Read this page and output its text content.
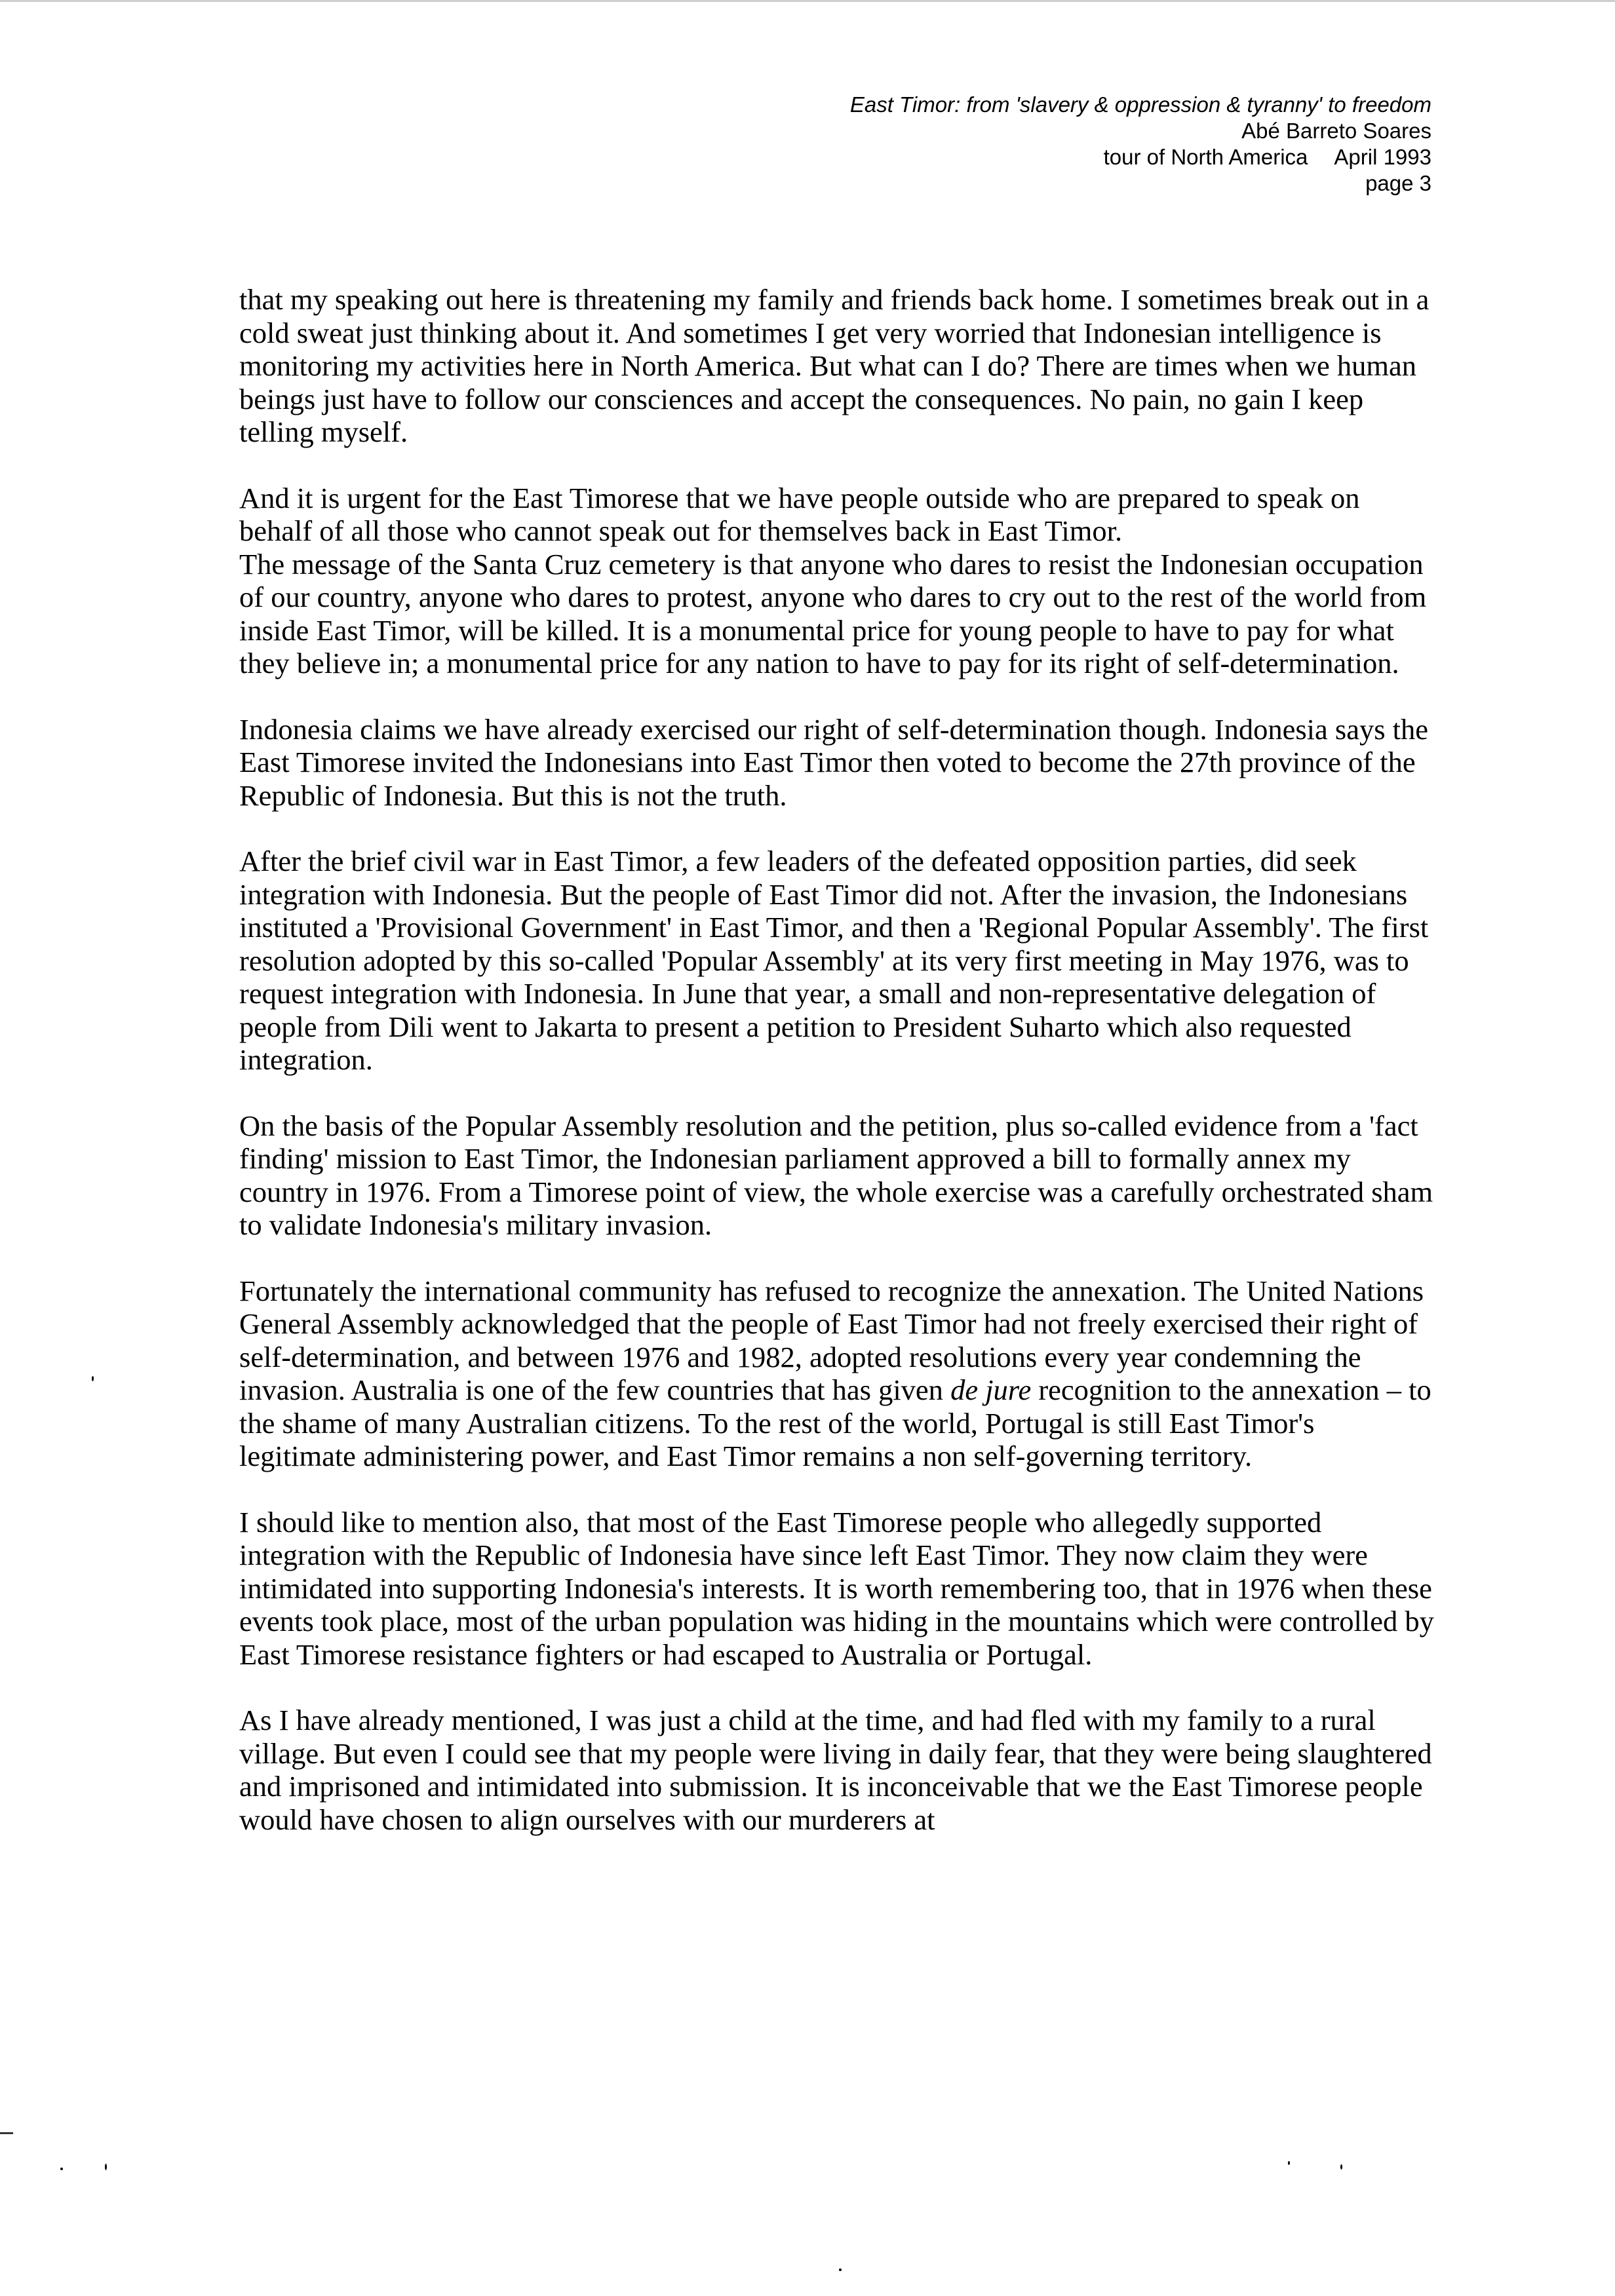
East Timor: from 'slavery & oppression & tyranny' to freedom
Abé Barreto Soares
tour of North America April 1993
page 3

that my speaking out here is threatening my family and friends back home. I sometimes break out in a cold sweat just thinking about it. And sometimes I get very worried that Indonesian intelligence is monitoring my activities here in North America. But what can I do? There are times when we human beings just have to follow our consciences and accept the consequences. No pain, no gain I keep telling myself.

And it is urgent for the East Timorese that we have people outside who are prepared to speak on behalf of all those who cannot speak out for themselves back in East Timor.

The message of the Santa Cruz cemetery is that anyone who dares to resist the Indonesian occupation of our country, anyone who dares to protest, anyone who dares to cry out to the rest of the world from inside East Timor, will be killed. It is a monumental price for young people to have to pay for what they believe in; a monumental price for any nation to have to pay for its right of self-determination.

Indonesia claims we have already exercised our right of self-determination though. Indonesia says the East Timorese invited the Indonesians into East Timor then voted to become the 27th province of the Republic of Indonesia. But this is not the truth.

After the brief civil war in East Timor, a few leaders of the defeated opposition parties, did seek integration with Indonesia. But the people of East Timor did not. After the invasion, the Indonesians instituted a 'Provisional Government' in East Timor, and then a 'Regional Popular Assembly'. The first resolution adopted by this so-called 'Popular Assembly' at its very first meeting in May 1976, was to request integration with Indonesia. In June that year, a small and non-representative delegation of people from Dili went to Jakarta to present a petition to President Suharto which also requested integration.

On the basis of the Popular Assembly resolution and the petition, plus so-called evidence from a 'fact finding' mission to East Timor, the Indonesian parliament approved a bill to formally annex my country in 1976. From a Timorese point of view, the whole exercise was a carefully orchestrated sham to validate Indonesia's military invasion.

Fortunately the international community has refused to recognize the annexation. The United Nations General Assembly acknowledged that the people of East Timor had not freely exercised their right of self-determination, and between 1976 and 1982, adopted resolutions every year condemning the invasion. Australia is one of the few countries that has given de jure recognition to the annexation – to the shame of many Australian citizens. To the rest of the world, Portugal is still East Timor's legitimate administering power, and East Timor remains a non self-governing territory.

I should like to mention also, that most of the East Timorese people who allegedly supported integration with the Republic of Indonesia have since left East Timor. They now claim they were intimidated into supporting Indonesia's interests. It is worth remembering too, that in 1976 when these events took place, most of the urban population was hiding in the mountains which were controlled by East Timorese resistance fighters or had escaped to Australia or Portugal.

As I have already mentioned, I was just a child at the time, and had fled with my family to a rural village. But even I could see that my people were living in daily fear, that they were being slaughtered and imprisoned and intimidated into submission. It is inconceivable that we the East Timorese people would have chosen to align ourselves with our murderers at
